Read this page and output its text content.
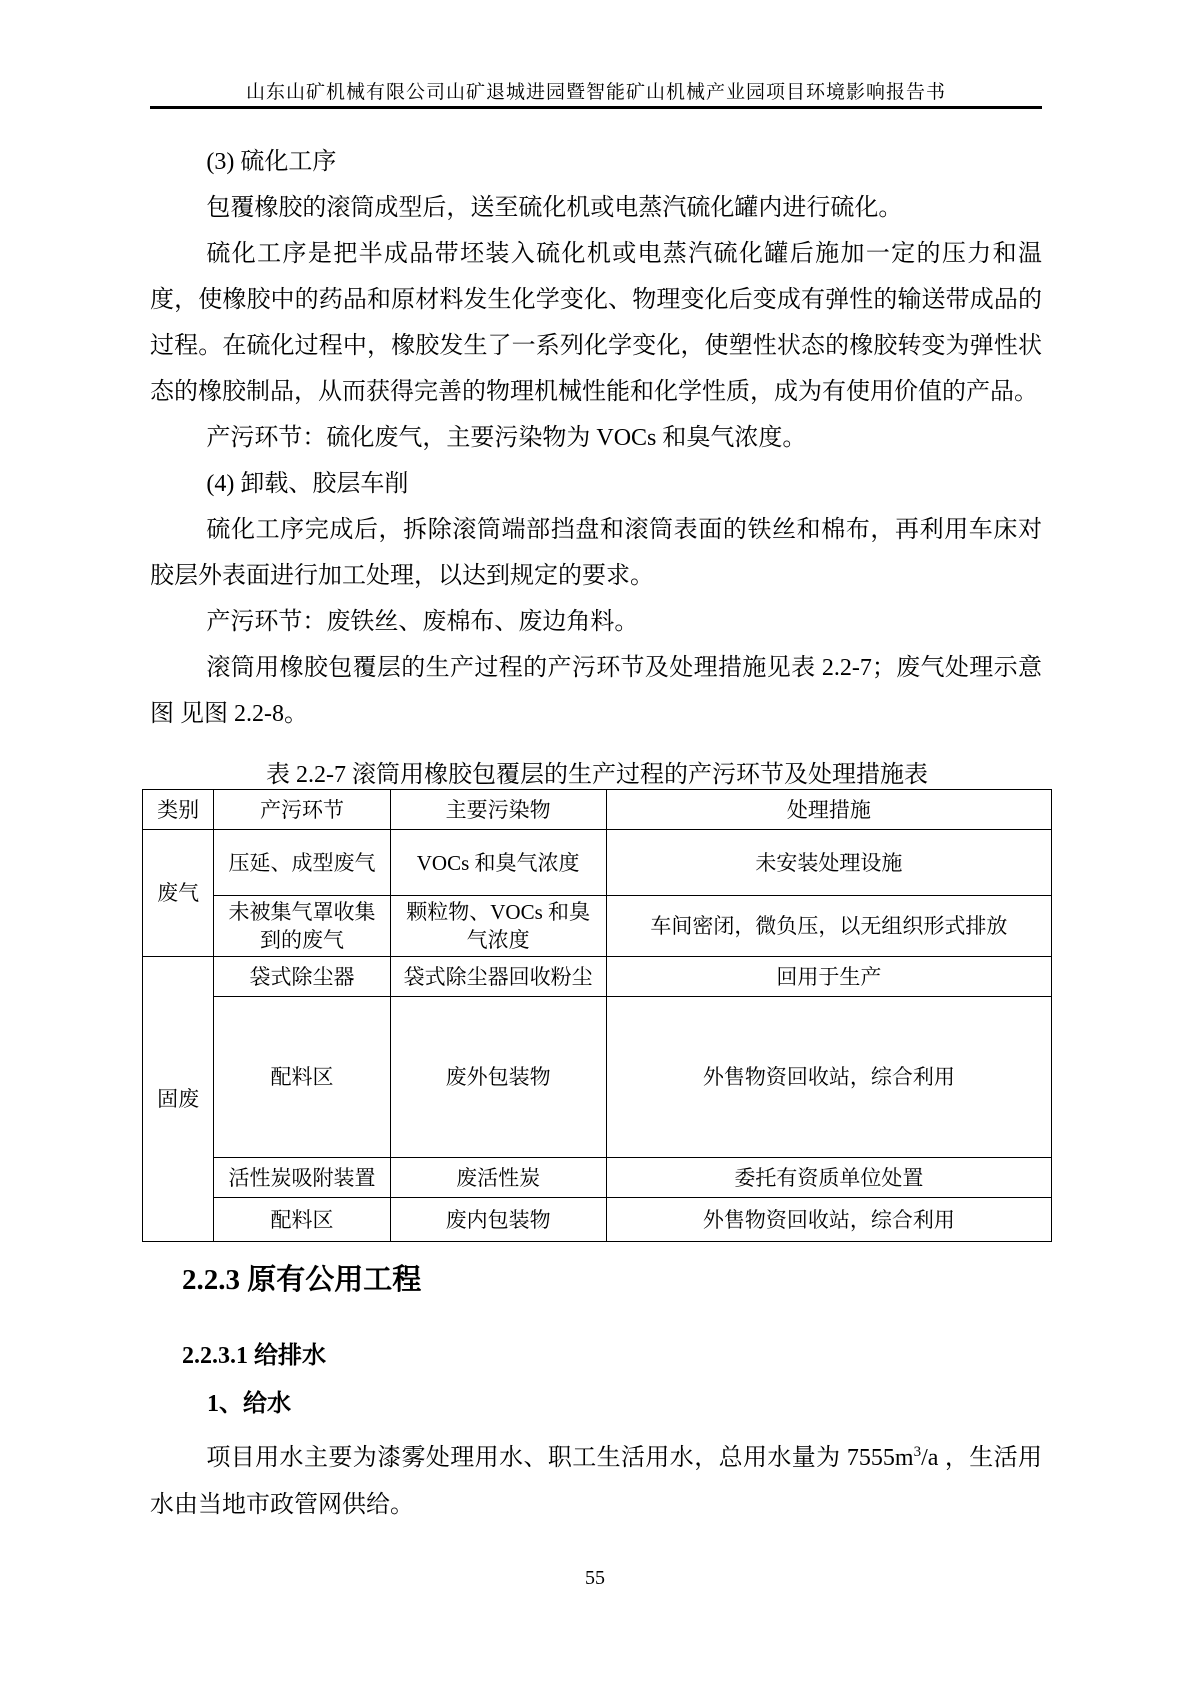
山东山矿机械有限公司山矿退城进园暨智能矿山机械产业园项目环境影响报告书

(3) 硫化工序

包覆橡胶的滚筒成型后，送至硫化机或电蒸汽硫化罐内进行硫化。

硫化工序是把半成品带坯装入硫化机或电蒸汽硫化罐后施加一定的压力和温度，使橡胶中的药品和原材料发生化学变化、物理变化后变成有弹性的输送带成品的过程。在硫化过程中，橡胶发生了一系列化学变化，使塑性状态的橡胶转变为弹性状态的橡胶制品，从而获得完善的物理机械性能和化学性质，成为有使用价值的产品。

产污环节：硫化废气，主要污染物为 VOCs 和臭气浓度。

(4) 卸载、胶层车削

硫化工序完成后，拆除滚筒端部挡盘和滚筒表面的铁丝和棉布，再利用车床对胶层外表面进行加工处理，以达到规定的要求。

产污环节：废铁丝、废棉布、废边角料。

滚筒用橡胶包覆层的生产过程的产污环节及处理措施见表 2.2-7；废气处理示意图 见图 2.2-8。

表 2.2-7 滚筒用橡胶包覆层的生产过程的产污环节及处理措施表

类别	产污环节	主要污染物	处理措施
废气	压延、成型废气	VOCs 和臭气浓度	未安装处理设施
	未被集气罩收集到的废气	颗粒物、VOCs 和臭气浓度	车间密闭，微负压，以无组织形式排放
固废	袋式除尘器	袋式除尘器回收粉尘	回用于生产
	配料区	废外包装物	外售物资回收站，综合利用
	活性炭吸附装置	废活性炭	委托有资质单位处置
	配料区	废内包装物	外售物资回收站，综合利用
2.2.3 原有公用工程
2.2.3.1 给排水
1、给水

项目用水主要为漆雾处理用水、职工生活用水，总用水量为 $7555m^3/a$ ，生活用水由当地市政管网供给。

55
